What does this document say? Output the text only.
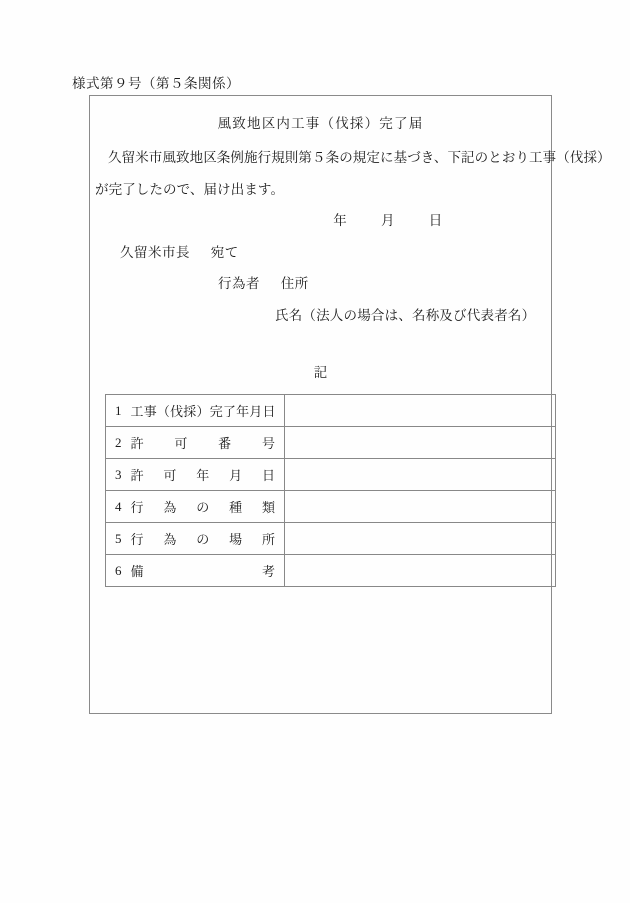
様式第９号（第５条関係）
風致地区内工事（伐採）完了届
久留米市風致地区条例施行規則第５条の規定に基づき、下記のとおり工事（伐採）
が完了したので、届け出ます。
年	月	日
久留米市長 宛て
行為者 住所
氏名（法人の場合は、名称及び代表者名）
記
1 工事（伐採）完了年月日	

2 許 可 番 号	

3 許 可 年 月 日

4 行 為 の 種 類

5 行 為 の 場 所

6 備 考	
